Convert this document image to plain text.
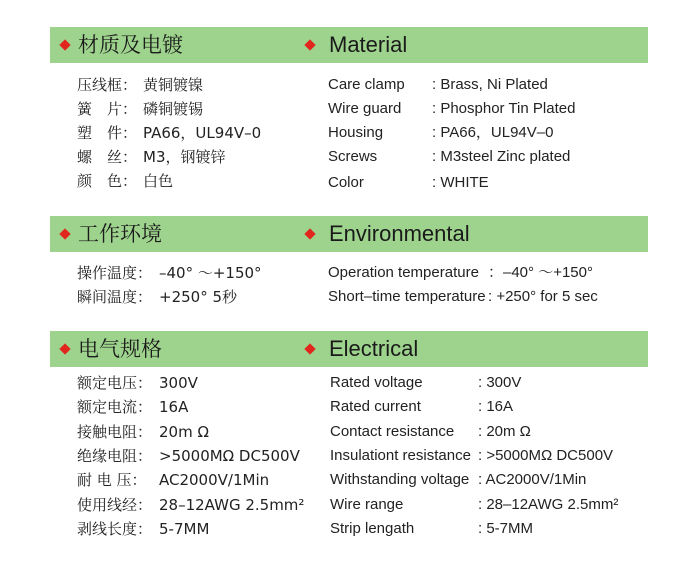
材质及电镀	Material
压线框： 黄铜镀镍
簧　片： 磷铜镀锡
塑　件： PA66，UL94V–0
螺　丝： M3，钢镀锌
颜　色： 白色
Care clamp : Brass, Ni Plated
Wire guard : Phosphor Tin Plated
Housing	: PA66，UL94V–0
Screws	: M3steel Zinc plated
Color	: WHITE
工作环境	Environmental
操作温度： –40° ～+150°
瞬间温度： +250° 5秒
Operation temperature ：–40° ～+150°
Short–time temperature : +250° for 5 sec
电气规格	Electrical
额定电压： 300V
额定电流： 16A
接触电阻： 20m Ω
绝缘电阻： >5000MΩ DC500V
耐 电 压： AC2000V/1Min
使用线经： 28–12AWG 2.5mm²
剥线长度： 5-7MM
Rated voltage	: 300V
Rated current	: 16A
Contact resistance : 20m Ω
Insulationt resistance : >5000MΩ DC500V
Withstanding voltage : AC2000V/1Min
Wire range	: 28–12AWG 2.5mm²
Strip lengath	: 5-7MM
